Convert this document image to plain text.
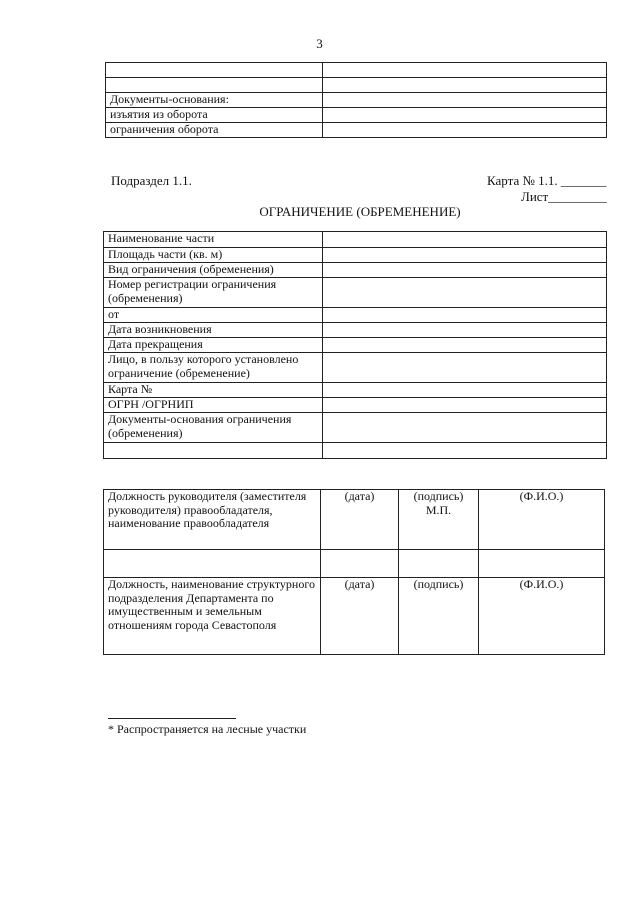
3

Документы-основания:	
изъятия из оборота	
ограничения оборота	
Подраздел 1.1.	Карта № 1.1. _______
Лист_________
ОГРАНИЧЕНИЕ (ОБРЕМЕНЕНИЕ)
Наименование части	
Площадь части (кв. м)	
Вид ограничения (обременения)	
Номер регистрации ограничения (обременения)	
от	
Дата возникновения	
Дата прекращения	
Лицо, в пользу которого установлено ограничение (обременение)	
Карта №	
ОГРН /ОГРНИП	
Документы-основания ограничения (обременения)	

Должность руководителя (заместителя руководителя) правообладателя, наименование правообладателя	(дата)	(подпись) М.П.	(Ф.И.О.)

Должность, наименование структурного подразделения Департамента по имущественным и земельным отношениям города Севастополя	(дата)	(подпись)	(Ф.И.О.)
* Распространяется на лесные участки
